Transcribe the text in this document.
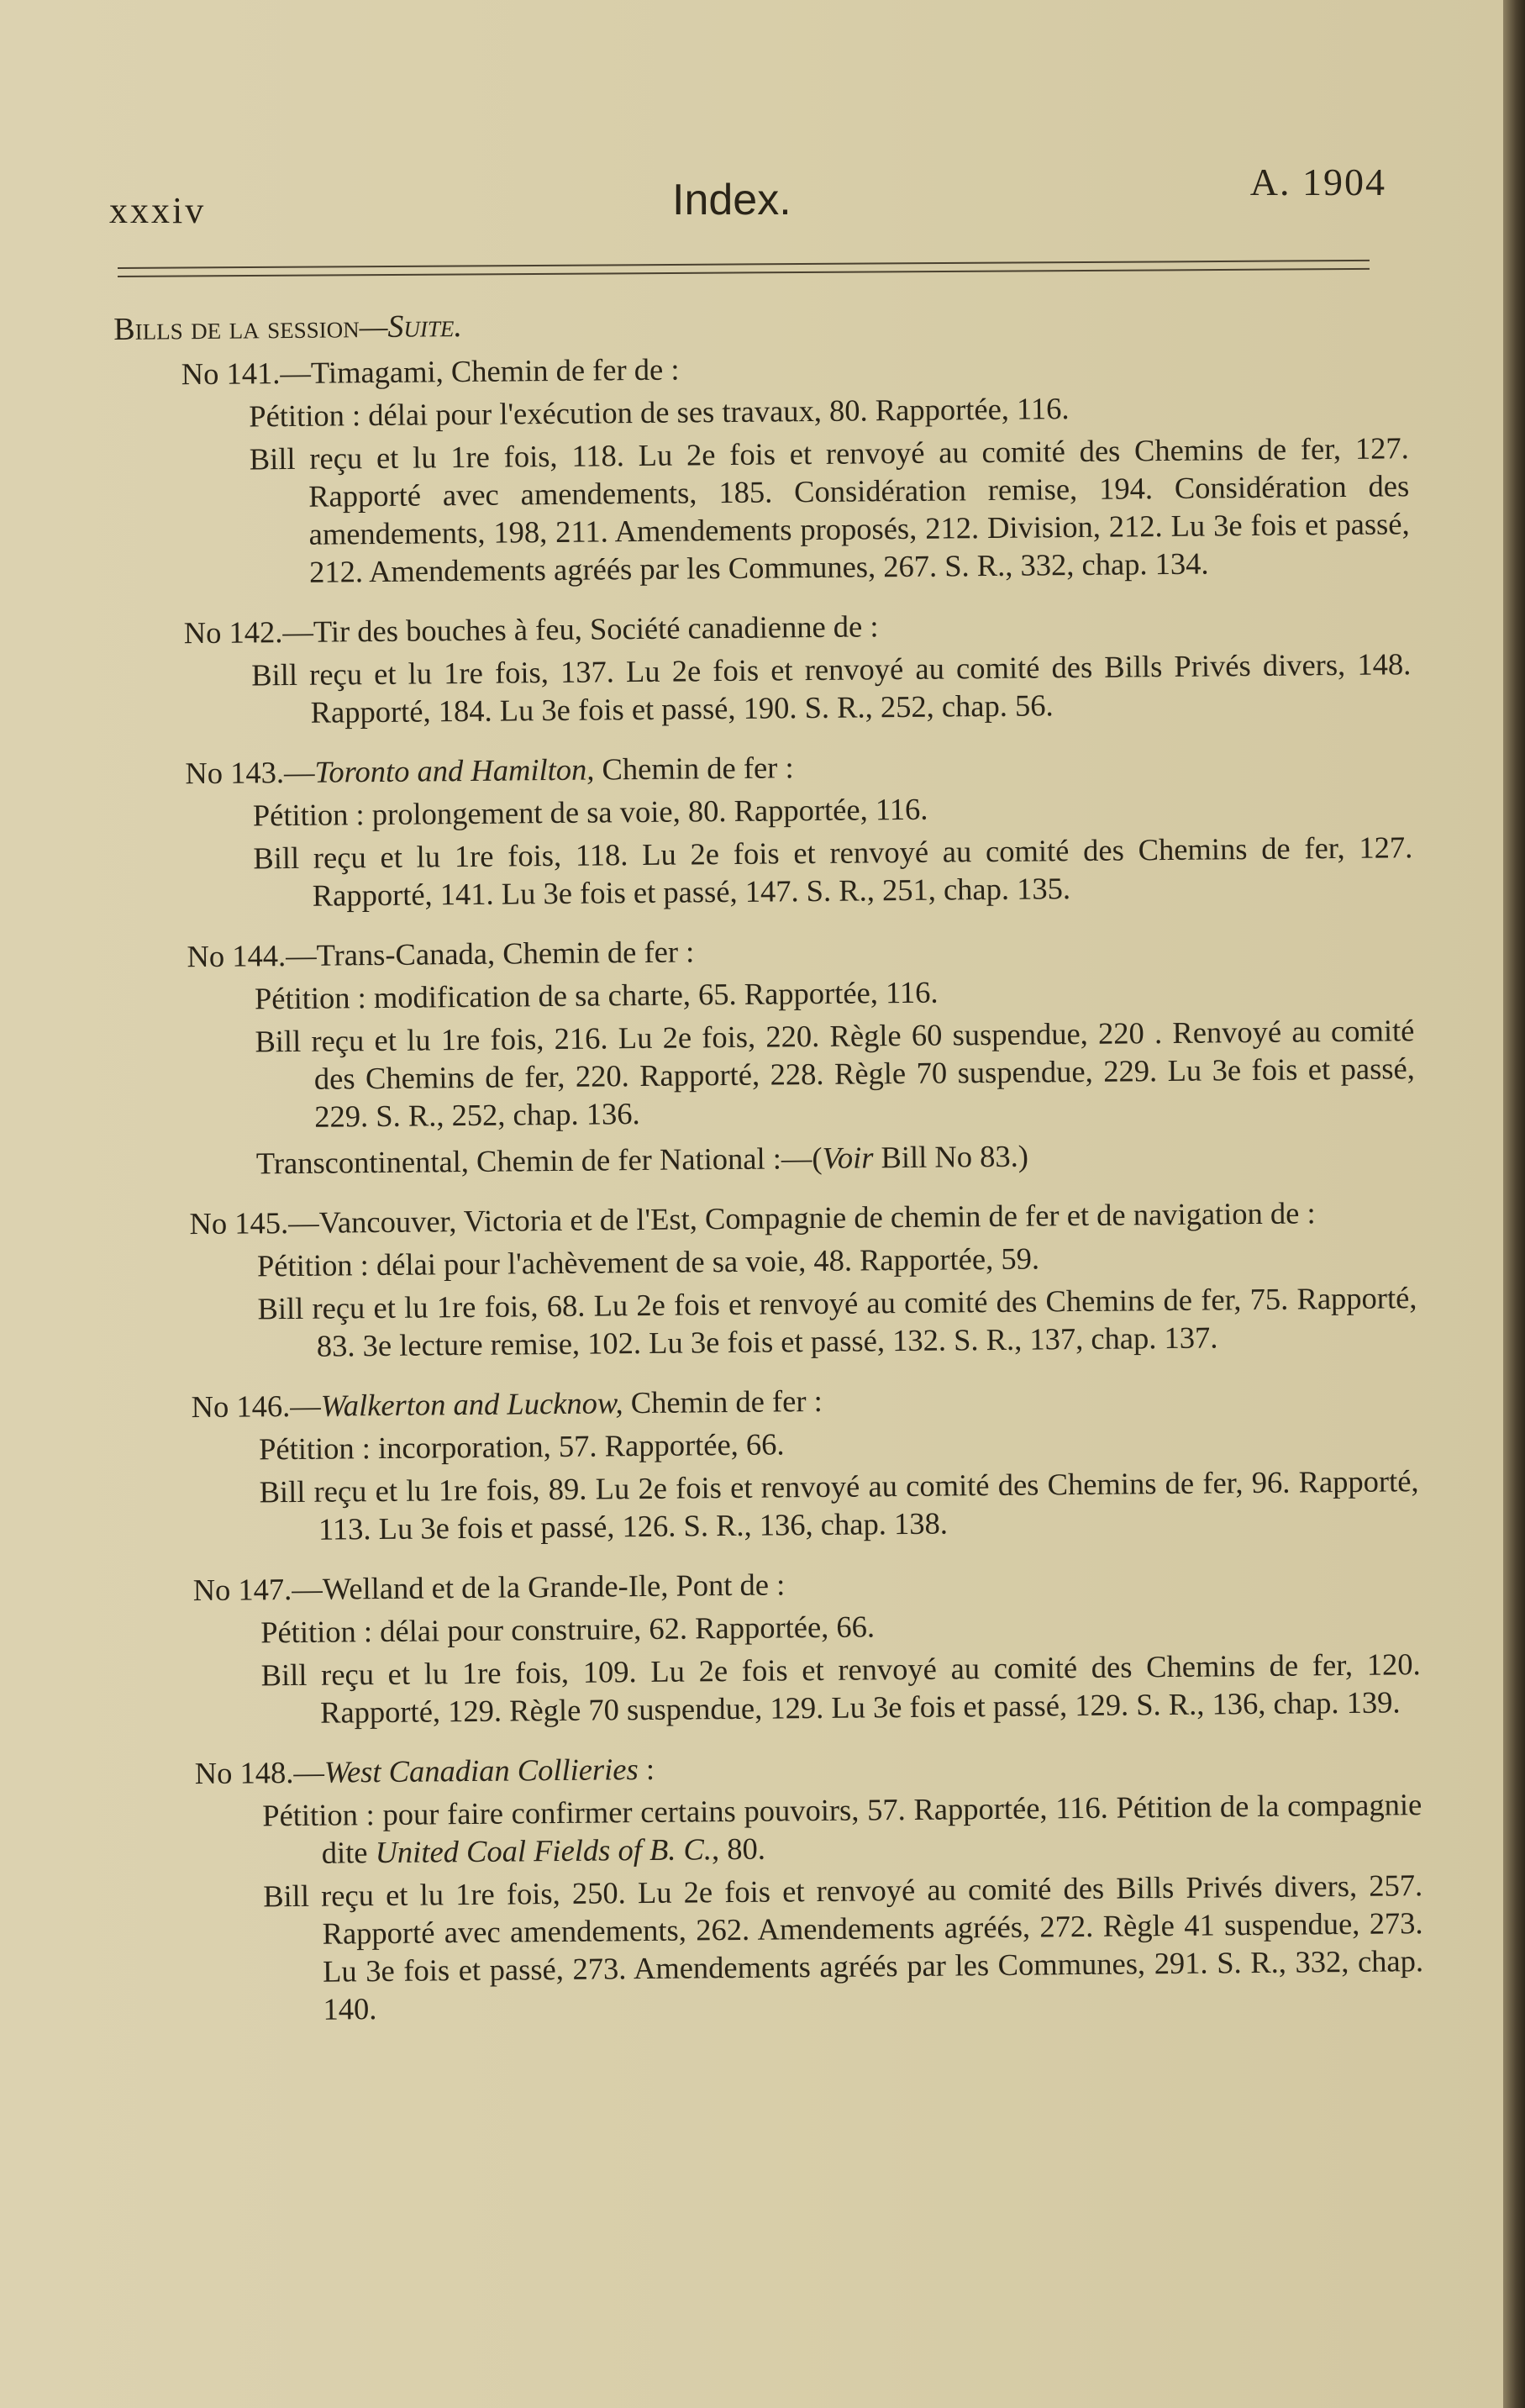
xxxiv	Index.	A. 1904
Bills de la session—Suite.
No 141.—Timagami, Chemin de fer de :
Pétition : délai pour l'exécution de ses travaux, 80. Rapportée, 116.
Bill reçu et lu 1re fois, 118. Lu 2e fois et renvoyé au comité des Chemins de fer, 127. Rapporté avec amendements, 185. Considération remise, 194. Considération des amendements, 198, 211. Amendements proposés, 212. Division, 212. Lu 3e fois et passé, 212. Amendements agréés par les Communes, 267. S. R., 332, chap. 134.
No 142.—Tir des bouches à feu, Société canadienne de :
Bill reçu et lu 1re fois, 137. Lu 2e fois et renvoyé au comité des Bills Privés divers, 148. Rapporté, 184. Lu 3e fois et passé, 190. S. R., 252, chap. 56.
No 143.—Toronto and Hamilton, Chemin de fer :
Pétition : prolongement de sa voie, 80. Rapportée, 116.
Bill reçu et lu 1re fois, 118. Lu 2e fois et renvoyé au comité des Chemins de fer, 127. Rapporté, 141. Lu 3e fois et passé, 147. S. R., 251, chap. 135.
No 144.—Trans-Canada, Chemin de fer :
Pétition : modification de sa charte, 65. Rapportée, 116.
Bill reçu et lu 1re fois, 216. Lu 2e fois, 220. Règle 60 suspendue, 220 . Renvoyé au comité des Chemins de fer, 220. Rapporté, 228. Règle 70 suspendue, 229. Lu 3e fois et passé, 229. S. R., 252, chap. 136.
Transcontinental, Chemin de fer National :—(Voir Bill No 83.)
No 145.—Vancouver, Victoria et de l'Est, Compagnie de chemin de fer et de navigation de :
Pétition : délai pour l'achèvement de sa voie, 48. Rapportée, 59.
Bill reçu et lu 1re fois, 68. Lu 2e fois et renvoyé au comité des Chemins de fer, 75. Rapporté, 83. 3e lecture remise, 102. Lu 3e fois et passé, 132. S. R., 137, chap. 137.
No 146.—Walkerton and Lucknow, Chemin de fer :
Pétition : incorporation, 57. Rapportée, 66.
Bill reçu et lu 1re fois, 89. Lu 2e fois et renvoyé au comité des Chemins de fer, 96. Rapporté, 113. Lu 3e fois et passé, 126. S. R., 136, chap. 138.
No 147.—Welland et de la Grande-Ile, Pont de :
Pétition : délai pour construire, 62. Rapportée, 66.
Bill reçu et lu 1re fois, 109. Lu 2e fois et renvoyé au comité des Chemins de fer, 120. Rapporté, 129. Règle 70 suspendue, 129. Lu 3e fois et passé, 129. S. R., 136, chap. 139.
No 148.—West Canadian Collieries :
Pétition : pour faire confirmer certains pouvoirs, 57. Rapportée, 116. Pétition de la compagnie dite United Coal Fields of B. C., 80.
Bill reçu et lu 1re fois, 250. Lu 2e fois et renvoyé au comité des Bills Privés divers, 257. Rapporté avec amendements, 262. Amendements agréés, 272. Règle 41 suspendue, 273. Lu 3e fois et passé, 273. Amendements agréés par les Communes, 291. S. R., 332, chap. 140.
